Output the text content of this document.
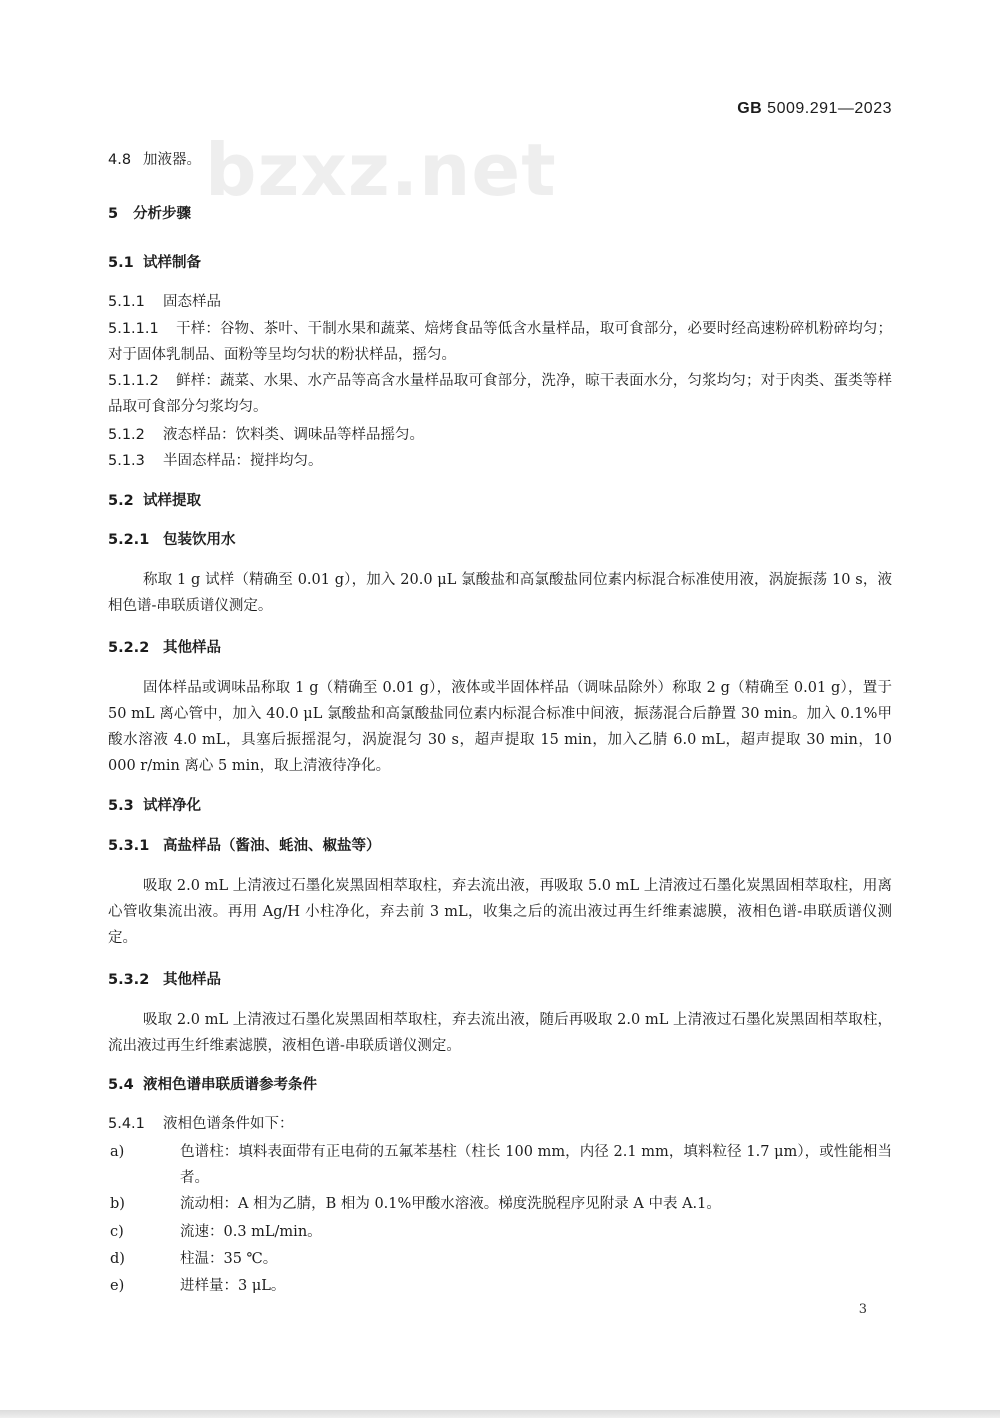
bzxz.net
GB 5009.291—2023
4.8 加液器。
5 分析步骤
5.1 试样制备
5.1.1 固态样品
5.1.1.1 干样：谷物、茶叶、干制水果和蔬菜、焙烤食品等低含水量样品，取可食部分，必要时经高速粉碎机粉碎均匀；对于固体乳制品、面粉等呈均匀状的粉状样品，摇匀。
5.1.1.2 鲜样：蔬菜、水果、水产品等高含水量样品取可食部分，洗净，晾干表面水分，匀浆均匀；对于肉类、蛋类等样品取可食部分匀浆均匀。
5.1.2 液态样品：饮料类、调味品等样品摇匀。
5.1.3 半固态样品：搅拌均匀。
5.2 试样提取
5.2.1 包装饮用水
称取 1 g 试样（精确至 0.01 g），加入 20.0 μL 氯酸盐和高氯酸盐同位素内标混合标准使用液，涡旋振荡 10 s，液相色谱-串联质谱仪测定。
5.2.2 其他样品
固体样品或调味品称取 1 g（精确至 0.01 g），液体或半固体样品（调味品除外）称取 2 g（精确至 0.01 g），置于 50 mL 离心管中，加入 40.0 μL 氯酸盐和高氯酸盐同位素内标混合标准中间液，振荡混合后静置 30 min。加入 0.1%甲酸水溶液 4.0 mL，具塞后振摇混匀，涡旋混匀 30 s，超声提取 15 min，加入乙腈 6.0 mL，超声提取 30 min，10 000 r/min 离心 5 min，取上清液待净化。
5.3 试样净化
5.3.1 高盐样品（酱油、蚝油、椒盐等）
吸取 2.0 mL 上清液过石墨化炭黑固相萃取柱，弃去流出液，再吸取 5.0 mL 上清液过石墨化炭黑固相萃取柱，用离心管收集流出液。再用 Ag/H 小柱净化，弃去前 3 mL，收集之后的流出液过再生纤维素滤膜，液相色谱-串联质谱仪测定。
5.3.2 其他样品
吸取 2.0 mL 上清液过石墨化炭黑固相萃取柱，弃去流出液，随后再吸取 2.0 mL 上清液过石墨化炭黑固相萃取柱，流出液过再生纤维素滤膜，液相色谱-串联质谱仪测定。
5.4 液相色谱串联质谱参考条件
5.4.1 液相色谱条件如下：
a)	色谱柱：填料表面带有正电荷的五氟苯基柱（柱长 100 mm，内径 2.1 mm，填料粒径 1.7 μm），或性能相当者。
b)	流动相：A 相为乙腈，B 相为 0.1%甲酸水溶液。梯度洗脱程序见附录 A 中表 A.1。
c)	流速：0.3 mL/min。
d)	柱温：35 ℃。
e)	进样量：3 μL。
3
